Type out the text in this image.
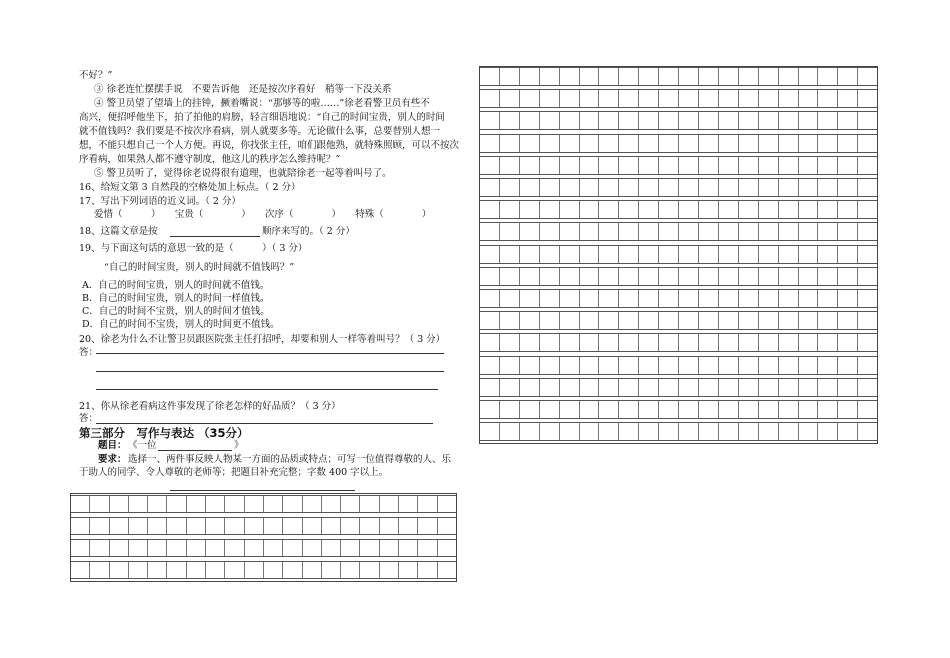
不好？”
③ 徐老连忙摆摆手说　不要告诉他　还是按次序看好　稍等一下没关系
④ 警卫员望了望墙上的挂钟，撅着嘴说：“那够等的啦……”徐老看警卫员有些不
高兴，便招呼他坐下，拍了拍他的肩膀，轻言细语地说：“自己的时间宝贵，别人的时间
就不值钱吗？我们要是不按次序看病，别人就要多等。无论做什么事，总要替别人想一
想，不能只想自己一个人方便。再说，你找张主任，咱们跟他熟，就特殊照顾，可以不按次
序看病，如果熟人都不遵守制度，他这儿的秩序怎么维持呢？”
⑤ 警卫员听了，觉得徐老说得很有道理，也就陪徐老一起等着叫号了。
16、给短文第 3 自然段的空格处加上标点。（ 2 分）
17、写出下列词语的近义词。（ 2 分）
爱惜（　　　）　　宝贵（　　　　）　　次序（　　　　）　　特殊（　　　　）
18、这篇文章是按	顺序来写的。（ 2 分）
19、与下面这句话的意思一致的是（　　　）（ 3 分）
“自己的时间宝贵，别人的时间就不值钱吗？”
A．自己的时间宝贵，别人的时间就不值钱。
B．自己的时间宝贵，别人的时间一样值钱。
C．自己的时间不宝贵，别人的时间才值钱。
D．自己的时间不宝贵，别人的时间更不值钱。
20、徐老为什么不让警卫员跟医院张主任打招呼，却要和别人一样等着叫号？（ 3 分）
答：
21、你从徐老看病这件事发现了徐老怎样的好品质？（ 3 分）
答：
第三部分　写作与表达 （35分）
题目： 《一位	》
要求： 选择一、两件事反映人物某一方面的品质或特点；可写一位值得尊敬的人、乐
于助人的同学、令人尊敬的老师等；把题目补充完整；字数 400 字以上。
